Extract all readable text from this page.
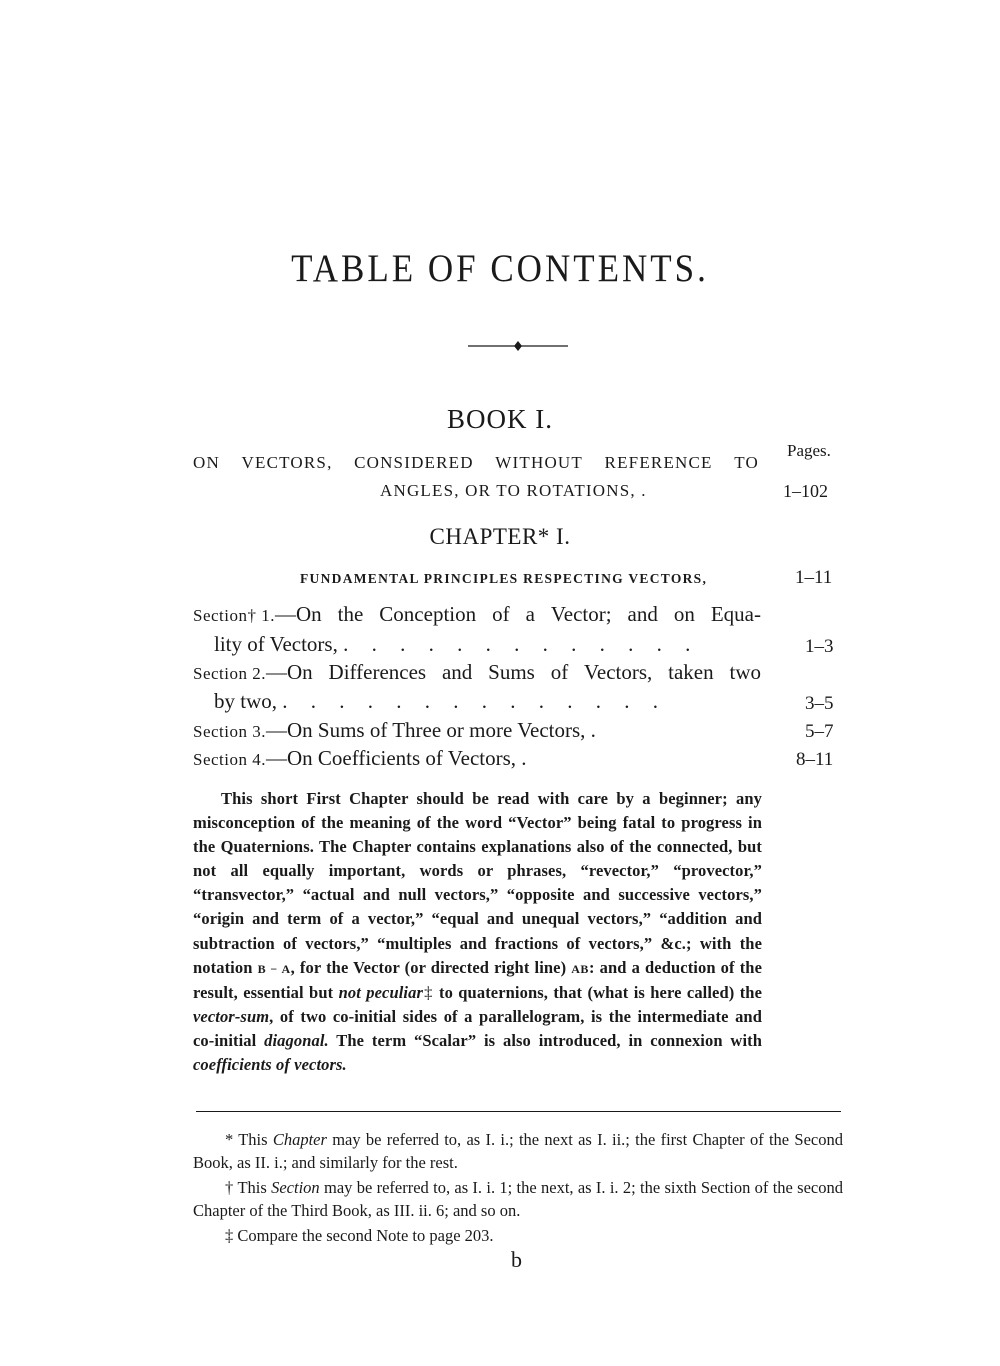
TABLE OF CONTENTS.
BOOK I.
Pages.
ON VECTORS, CONSIDERED WITHOUT REFERENCE TO
ANGLES, OR TO ROTATIONS, .	1–102
CHAPTER* I.
FUNDAMENTAL PRINCIPLES RESPECTING VECTORS,	1–11
Section† 1.—On the Conception of a Vector; and on Equa-
lity of Vectors, . . . . . . . . . . . . .	1–3
Section 2.—On Differences and Sums of Vectors, taken two
by two, . . . . . . . . . . . . . .	3–5
Section 3.—On Sums of Three or more Vectors, .	5–7
Section 4.—On Coefficients of Vectors, .	8–11
This short First Chapter should be read with care by a beginner; any misconception of the meaning of the word “Vector” being fatal to progress in the Quaternions. The Chapter contains explanations also of the connected, but not all equally important, words or phrases, “revector,” “provector,” “transvector,” “actual and null vectors,” “opposite and successive vectors,” “origin and term of a vector,” “equal and unequal vectors,” “addition and subtraction of vectors,” “multiples and fractions of vectors,” &c.; with the notation B − A, for the Vector (or directed right line) AB: and a deduction of the result, essential but not peculiar‡ to quaternions, that (what is here called) the vector-sum, of two co-initial sides of a parallelogram, is the intermediate and co-initial diagonal. The term “Scalar” is also introduced, in connexion with coefficients of vectors.
* This Chapter may be referred to, as I. i.; the next as I. ii.; the first Chapter of the Second Book, as II. i.; and similarly for the rest.
† This Section may be referred to, as I. i. 1; the next, as I. i. 2; the sixth Section of the second Chapter of the Third Book, as III. ii. 6; and so on.
‡ Compare the second Note to page 203.
b
